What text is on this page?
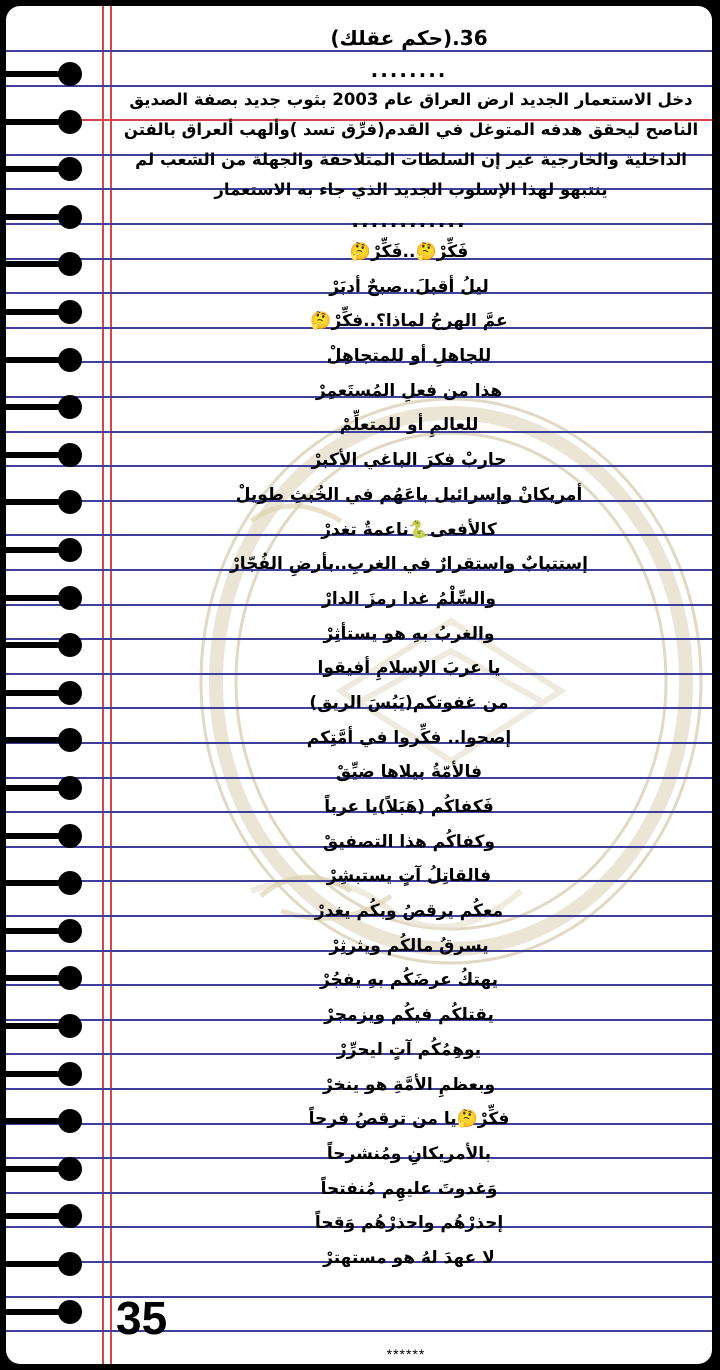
36.(حكم عقلك)
........
دخل الاستعمار الجديد ارض العراق عام 2003 بثوب جديد بصفة الصديق الناصح ليحقق هدفه المتوغل في القدم(فرِّق تسد )وألهب ألعراق بالفتن الداخلية والخارجية غير إن السلطات المتلاحقة والجهلة من الشعب لم ينتبهو لهذا الإسلوب الجديد الذي جاء به الاستعمار
............
فَكِّرْ🤔..فَكِّرْ🤔
ليلُ أقبلَ..صبحٌ أدبَرْ
عمَّ الهرجُ لماذا؟..فكِّرْ🤔
للجاهلِ أو للمتجاهِلْ
هذا من فعلِ المُستَعمِرْ
للعالمِ أو للمتعلِّمْ
حاربْ فكرَ الباغي الأكبرْ
أمريكانْ وإسرائيل باعَهُم في الخُبثِ طويلْ
كالأفعى🐍ناعمةٌ تغدرْ
إستتبابٌ واستقرارٌ في الغربِ..بأرضِ الفُجّارْ
والسِّلْمُ غدا رمزَ الدارْ
والغربُ بهِ هو يستأثِرْ
يا عربَ الإسلامِ أفيقوا
من غفوتكم(يَبُسَ الريق)
إصحوا.. فكِّروا في أمَّتِكم
فالأمّةُ بيلاها ضيِّقْ
فَكفاكُم (هَبَلاً)يا عرباً
وكفاكُم هذا التصفيقْ
فالقاتِلُ آتٍ يستبشِرْ
معكُم يرقصُ وبكُم يغدرْ
يسرقُ مالكُم ويثرثِرْ
يهتكُ عرضَكُم بهِ يفجُرْ
يقتلكُم فيكُم ويزمجرْ
يوهِمُكُم آتٍ ليحرِّرْ
وبعظمِ الأمَّةِ هو ينخرْ
فكِّرْ🤔يا من ترقصُ فرحاً
بالأمريكانِ ومُنشرحاً
وَغدوتَ عليهِم مُنفتحاً
إحذرْهُم واحذرْهُم وَقحاً
لا عهدَ لهُ هو مستهترْ
35
******
